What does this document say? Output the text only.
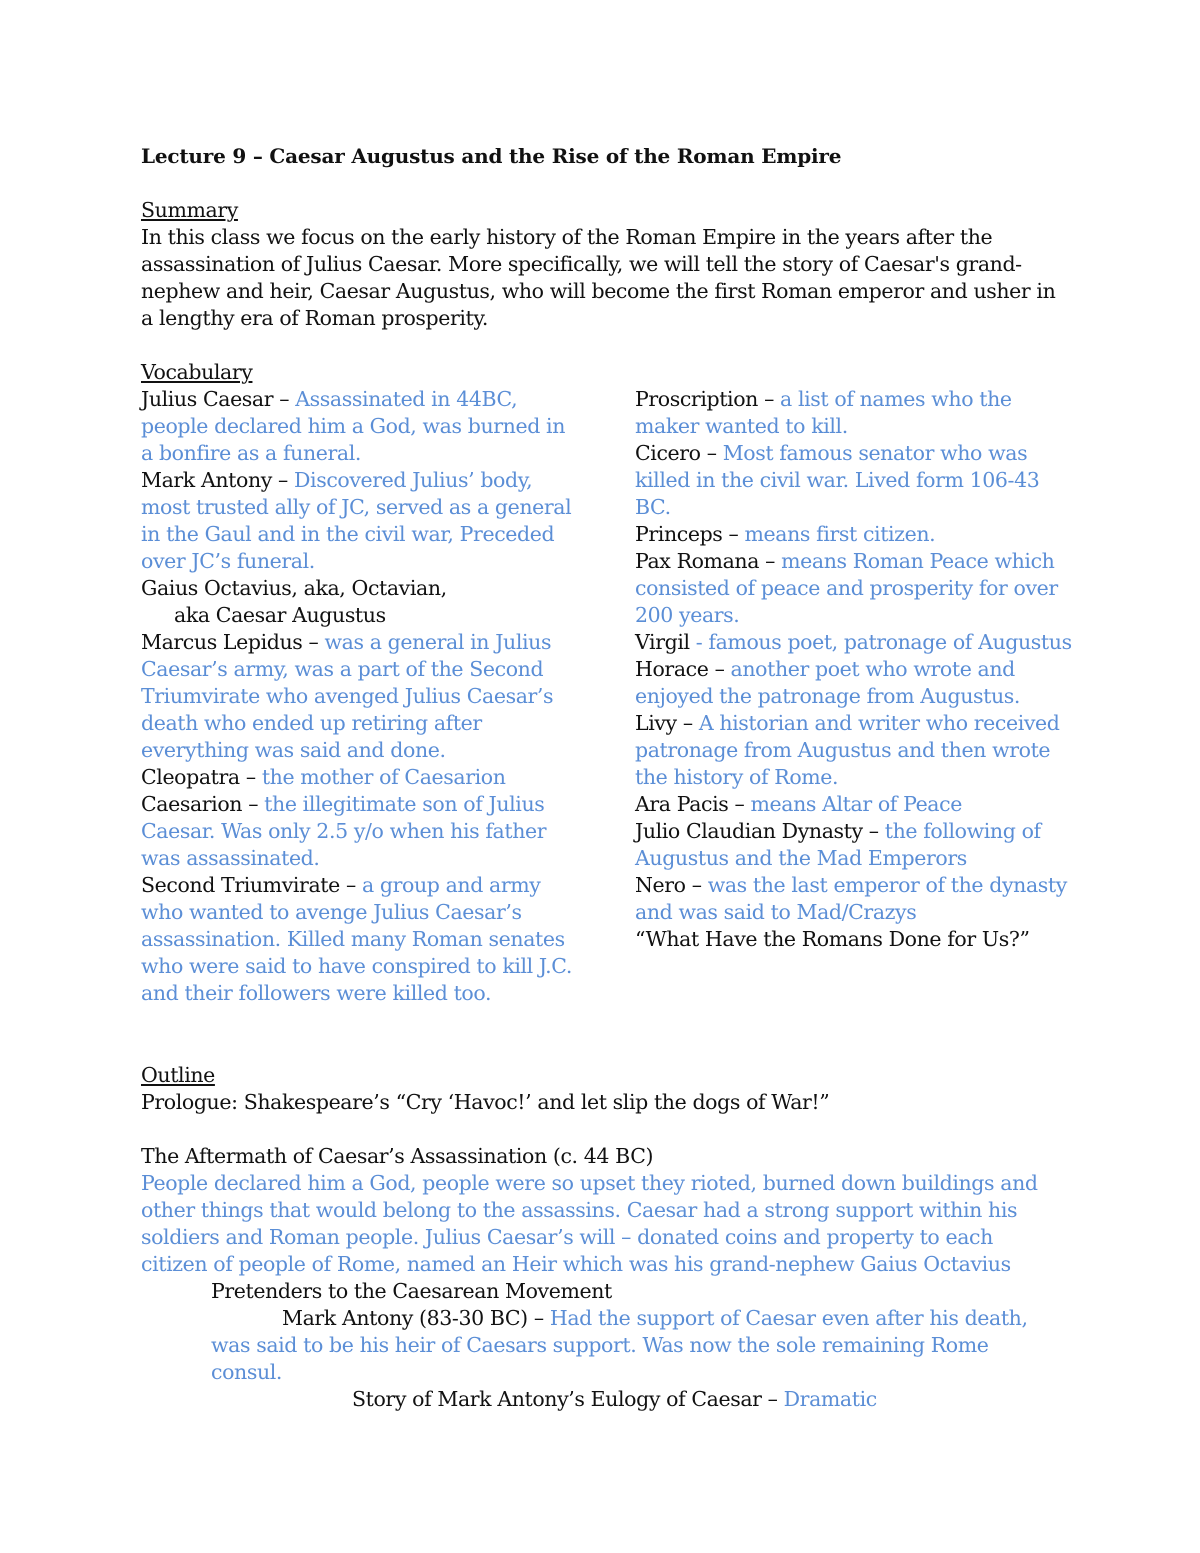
Lecture 9 – Caesar Augustus and the Rise of the Roman Empire
Summary
In this class we focus on the early history of the Roman Empire in the years after the assassination of Julius Caesar. More specifically, we will tell the story of Caesar's grand-nephew and heir, Caesar Augustus, who will become the first Roman emperor and usher in a lengthy era of Roman prosperity.
Vocabulary
Julius Caesar – Assassinated in 44BC, people declared him a God, was burned in a bonfire as a funeral.
Mark Antony – Discovered Julius’ body, most trusted ally of JC, served as a general in the Gaul and in the civil war, Preceded over JC’s funeral.
Gaius Octavius, aka, Octavian,
aka Caesar Augustus
Marcus Lepidus – was a general in Julius Caesar’s army, was a part of the Second Triumvirate who avenged Julius Caesar’s death who ended up retiring after everything was said and done.
Cleopatra – the mother of Caesarion
Caesarion – the illegitimate son of Julius Caesar. Was only 2.5 y/o when his father was assassinated.
Second Triumvirate – a group and army who wanted to avenge Julius Caesar’s assassination. Killed many Roman senates who were said to have conspired to kill J.C. and their followers were killed too.
Proscription – a list of names who the maker wanted to kill.
Cicero – Most famous senator who was killed in the civil war. Lived form 106-43 BC.
Princeps – means first citizen.
Pax Romana – means Roman Peace which consisted of peace and prosperity for over 200 years.
Virgil - famous poet, patronage of Augustus
Horace – another poet who wrote and enjoyed the patronage from Augustus.
Livy – A historian and writer who received patronage from Augustus and then wrote the history of Rome.
Ara Pacis – means Altar of Peace
Julio Claudian Dynasty – the following of Augustus and the Mad Emperors
Nero – was the last emperor of the dynasty and was said to Mad/Crazys
“What Have the Romans Done for Us?”
Outline
Prologue: Shakespeare’s “Cry ‘Havoc!’ and let slip the dogs of War!”
The Aftermath of Caesar’s Assassination (c. 44 BC)
People declared him a God, people were so upset they rioted, burned down buildings and other things that would belong to the assassins. Caesar had a strong support within his soldiers and Roman people. Julius Caesar’s will – donated coins and property to each citizen of people of Rome, named an Heir which was his grand-nephew Gaius Octavius
Pretenders to the Caesarean Movement
Mark Antony (83-30 BC) – Had the support of Caesar even after his death, was said to be his heir of Caesars support. Was now the sole remaining Rome consul.
Story of Mark Antony’s Eulogy of Caesar – Dramatic
